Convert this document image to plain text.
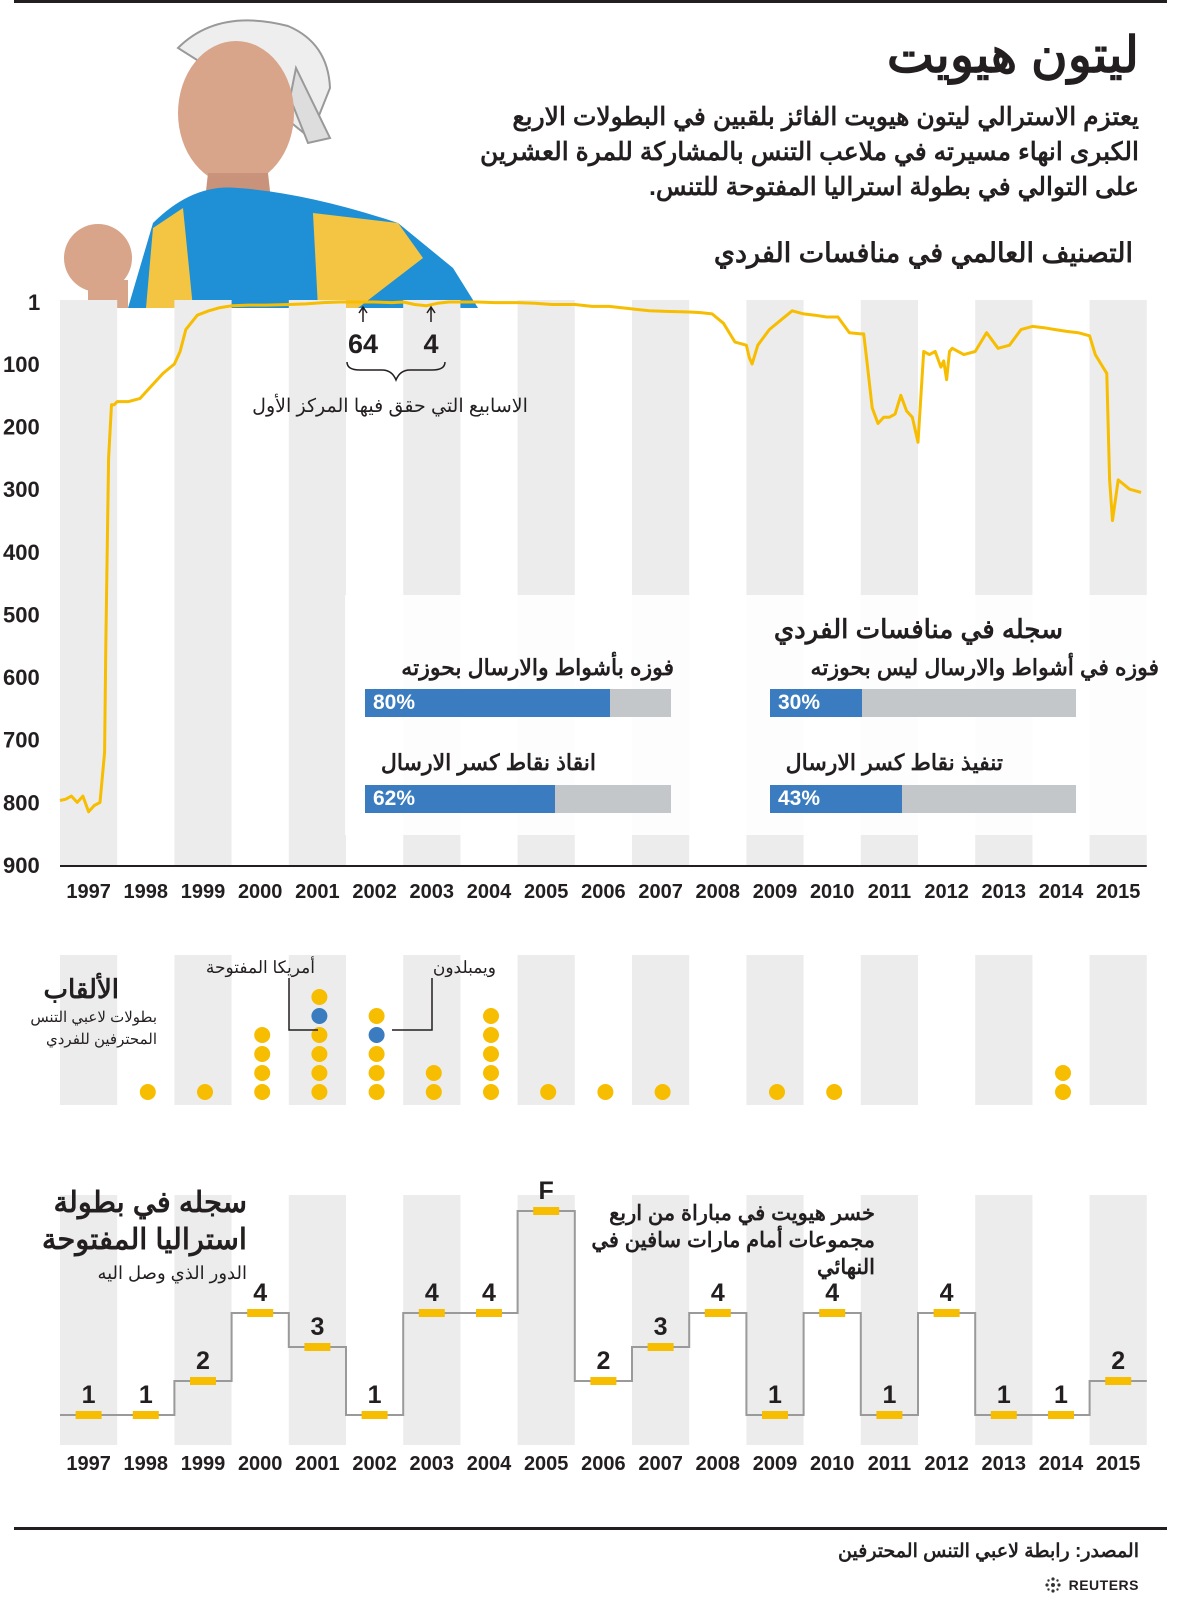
ليتون هيويت
يعتزم الاسترالي ليتون هيويت الفائز بلقبين في البطولات الاربع الكبرى انهاء مسيرته في ملاعب التنس بالمشاركة للمرة العشرين على التوالي في بطولة استراليا المفتوحة للتنس.
التصنيف العالمي في منافسات الفردي
1
100
200
300
400
500
600
700
800
900
1997 1998 1999 2000 2001 2002 2003 2004 2005 2006 2007 2008 2009 2010 2011 2012 2013 2014 2015
64 4
الاسابيع التي حقق فيها المركز الأول
سجله في منافسات الفردي
فوزه بأشواط والارسال بحوزته
80%
فوزه في أشواط والارسال ليس بحوزته
30%
انقاذ نقاط كسر الارسال
62%
تنفيذ نقاط كسر الارسال
43%
الألقاب
بطولات لاعبي التنس المحترفين للفردي
أمريكا المفتوحة	ويمبلدون
1 1
2
4
3
1
4 4
F
2
3
4
1
4
1
4
1 1
2
1997 1998 1999 2000 2001 2002 2003 2004 2005 2006 2007 2008 2009 2010 2011 2012 2013 2014 2015
سجله في بطولة استراليا المفتوحة
الدور الذي وصل اليه
خسر هيويت في مباراة من اربع مجموعات أمام مارات سافين في النهائي
المصدر: رابطة لاعبي التنس المحترفين
REUTERS
